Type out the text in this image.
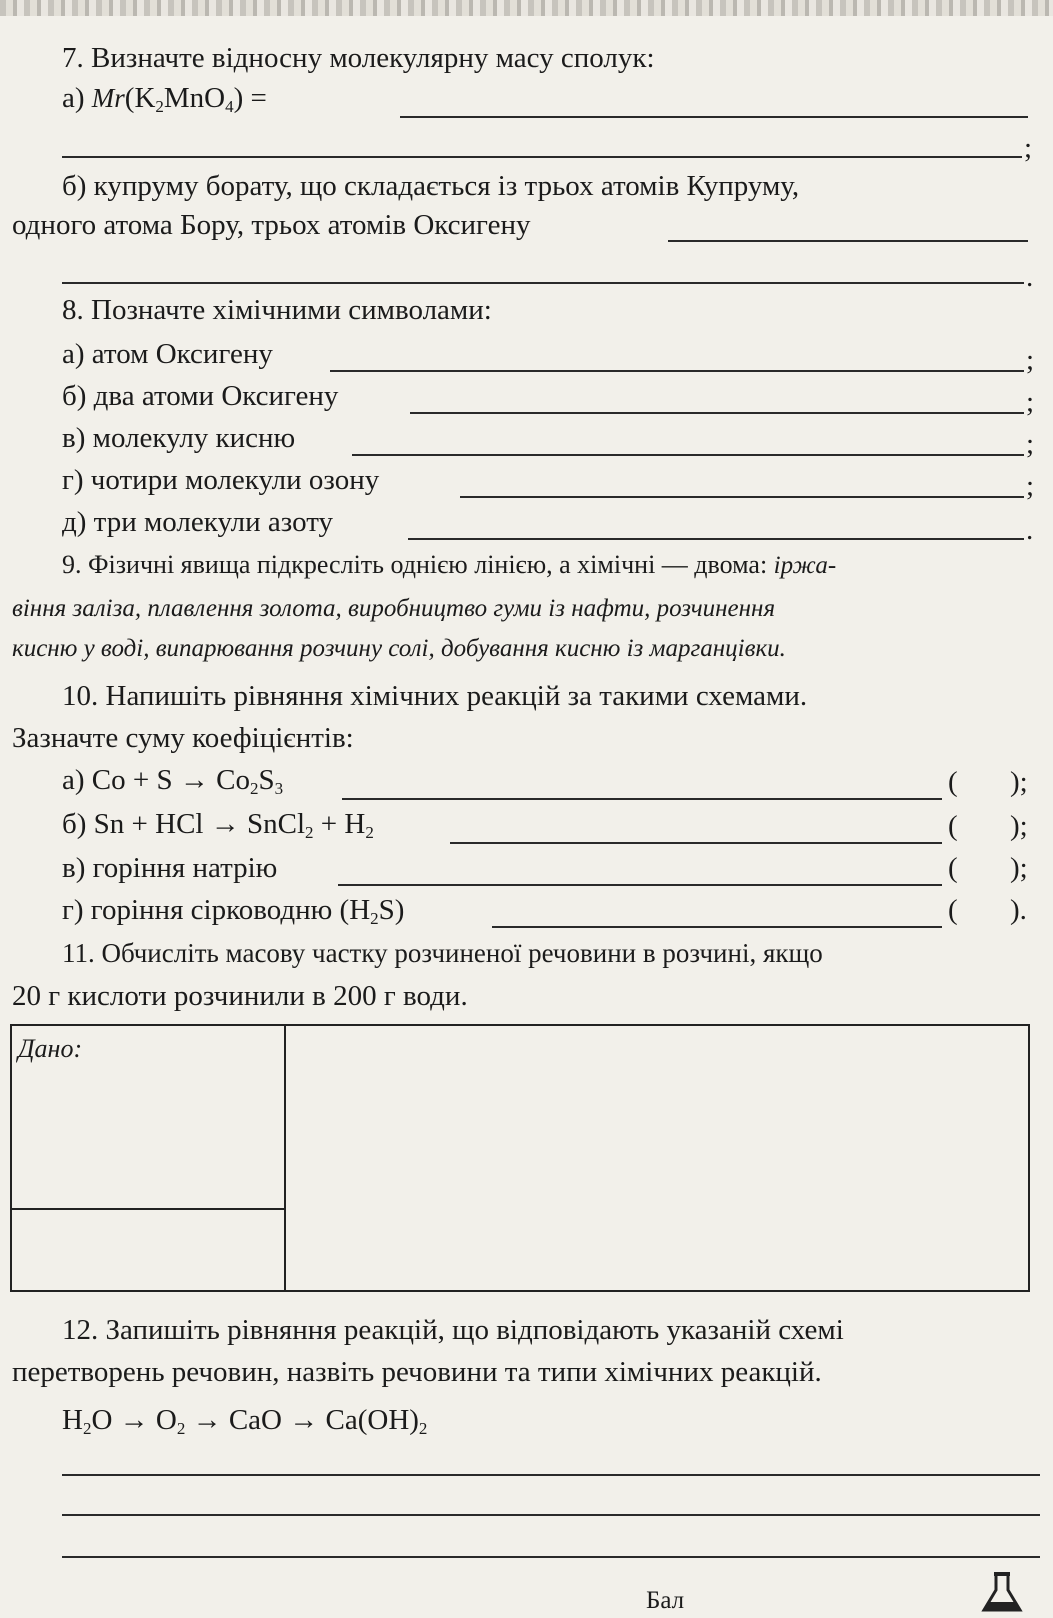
7. Визначте відносну молекулярну масу сполук:
а) $Mr(K_2MnO_4)$ =
;
б) купруму борату, що складається із трьох атомів Купруму,
одного атома Бору, трьох атомів Оксигену
.
8. Позначте хімічними символами:
а) атом Оксигену	;
б) два атоми Оксигену	;
в) молекулу кисню	;
г) чотири молекули озону	;
д) три молекули азоту	.
9. Фізичні явища підкресліть однією лінією, а хімічні — двома: іржа-
віння заліза, плавлення золота, виробництво гуми із нафти, розчинення
кисню у воді, випарювання розчину солі, добування кисню із марганцівки.
10. Напишіть рівняння хімічних реакцій за такими схемами.
Зазначте суму коефіцієнтів:
а) $Co + S \to Co_2S_3$	( );
б) Sn + HCl → SnCl$_2$ + $H_2$	( );
в) горіння натрію	( );
г) горіння сірководню $(H_2S)$	( ).
11. Обчисліть масову частку розчиненої речовини в розчині, якщо
20 г кислоти розчинили в 200 г води.
Дано:
12. Запишіть рівняння реакцій, що відповідають указаній схемі
перетворень речовин, назвіть речовини та типи хімічних реакцій.
$H_2O \to O_2$ → CaO → $Ca(OH)_2$
Бал
